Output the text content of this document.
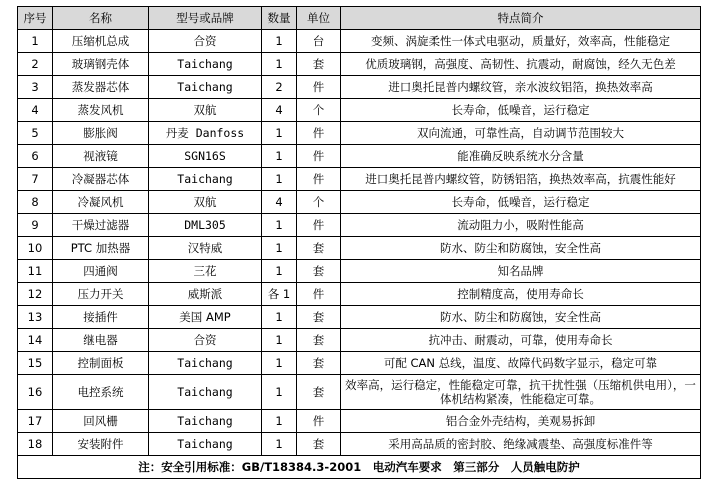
序号	名称	型号或品牌	数量	单位	特点简介
1	压缩机总成	合资	1	台	变频、涡旋柔性一体式电驱动，质量好，效率高，性能稳定
2	玻璃钢壳体	Taichang	1	套	优质玻璃钢，高强度、高韧性、抗震动，耐腐蚀，经久无色差
3	蒸发器芯体	Taichang	2	件	进口奥托昆普内螺纹管，亲水波纹铝箔，换热效率高
4	蒸发风机	双航	4	个	长寿命，低噪音，运行稳定
5	膨胀阀	丹麦 Danfoss	1	件	双向流通，可靠性高，自动调节范围较大
6	视液镜	SGN16S	1	件	能准确反映系统水分含量
7	冷凝器芯体	Taichang	1	件	进口奥托昆普内螺纹管，防锈铝箔，换热效率高，抗震性能好
8	冷凝风机	双航	4	个	长寿命，低噪音，运行稳定
9	干燥过滤器	DML305	1	件	流动阻力小，吸附性能高
10	PTC 加热器	汉特威	1	套	防水、防尘和防腐蚀，安全性高
11	四通阀	三花	1	套	知名品牌
12	压力开关	威斯派	各 1	件	控制精度高，使用寿命长
13	接插件	美国 AMP	1	套	防水、防尘和防腐蚀，安全性高
14	继电器	合资	1	套	抗冲击、耐震动，可靠，使用寿命长
15	控制面板	Taichang	1	套	可配 CAN 总线，温度、故障代码数字显示，稳定可靠
16	电控系统	Taichang	1	套	效率高，运行稳定，性能稳定可靠，抗干扰性强（压缩机供电用），一体机结构紧凑，性能稳定可靠。
17	回风栅	Taichang	1	件	铝合金外壳结构，美观易拆卸
18	安装附件	Taichang	1	套	采用高品质的密封胶、绝缘减震垫、高强度标准件等
注：安全引用标准：GB/T18384.3-2001　电动汽车要求　第三部分　人员触电防护					
